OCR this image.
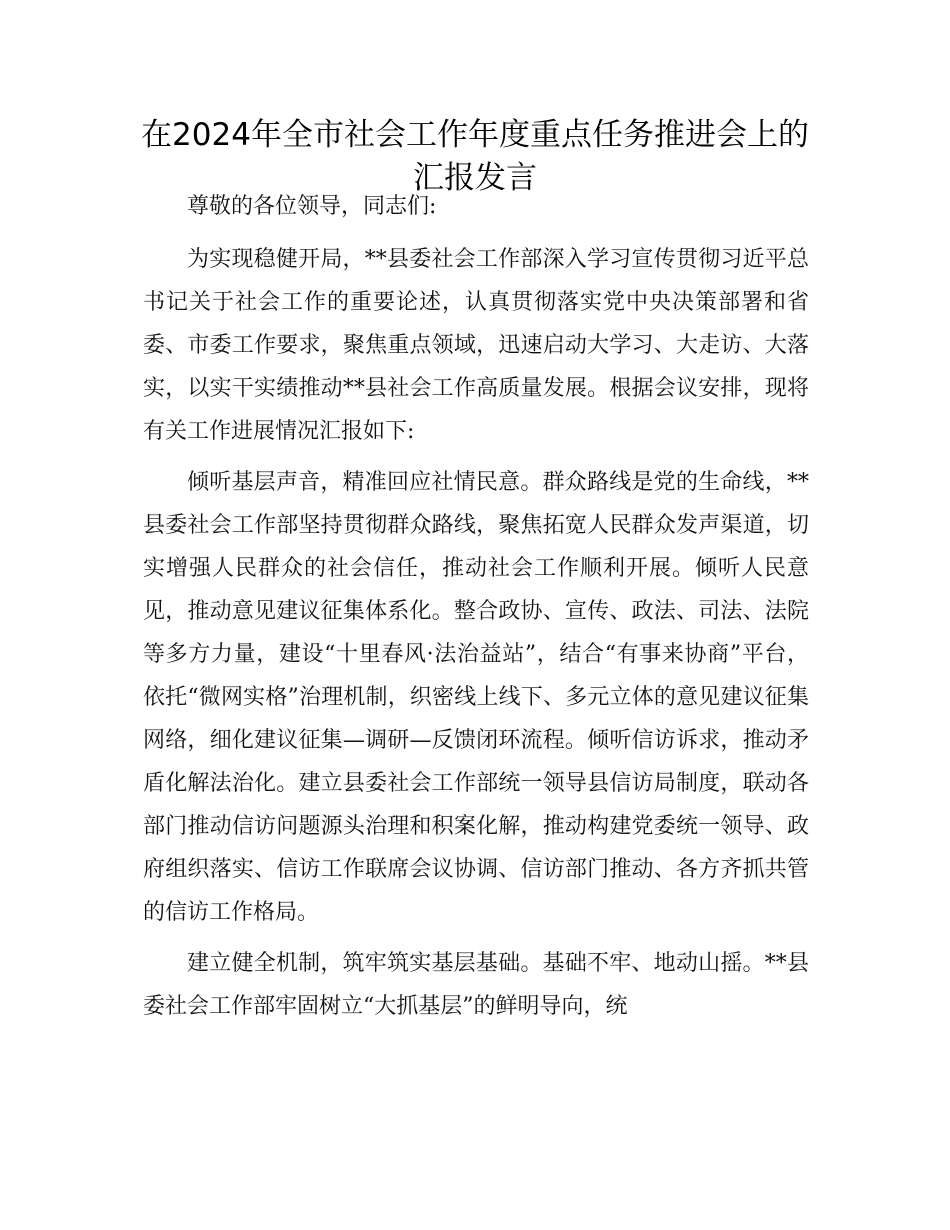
在2024年全市社会工作年度重点任务推进会上的汇报发言

尊敬的各位领导，同志们:

为实现稳健开局，**县委社会工作部深入学习宣传贯彻习近平总书记关于社会工作的重要论述，认真贯彻落实党中央决策部署和省委、市委工作要求，聚焦重点领域，迅速启动大学习、大走访、大落实，以实干实绩推动**县社会工作高质量发展。根据会议安排，现将有关工作进展情况汇报如下:

倾听基层声音，精准回应社情民意。群众路线是党的生命线，**县委社会工作部坚持贯彻群众路线，聚焦拓宽人民群众发声渠道，切实增强人民群众的社会信任，推动社会工作顺利开展。倾听人民意见，推动意见建议征集体系化。整合政协、宣传、政法、司法、法院等多方力量，建设“十里春风·法治益站”，结合“有事来协商”平台，依托“微网实格”治理机制，织密线上线下、多元立体的意见建议征集网络，细化建议征集—调研—反馈闭环流程。倾听信访诉求，推动矛盾化解法治化。建立县委社会工作部统一领导县信访局制度，联动各部门推动信访问题源头治理和积案化解，推动构建党委统一领导、政府组织落实、信访工作联席会议协调、信访部门推动、各方齐抓共管的信访工作格局。

建立健全机制，筑牢筑实基层基础。基础不牢、地动山摇。**县委社会工作部牢固树立“大抓基层”的鲜明导向，统
